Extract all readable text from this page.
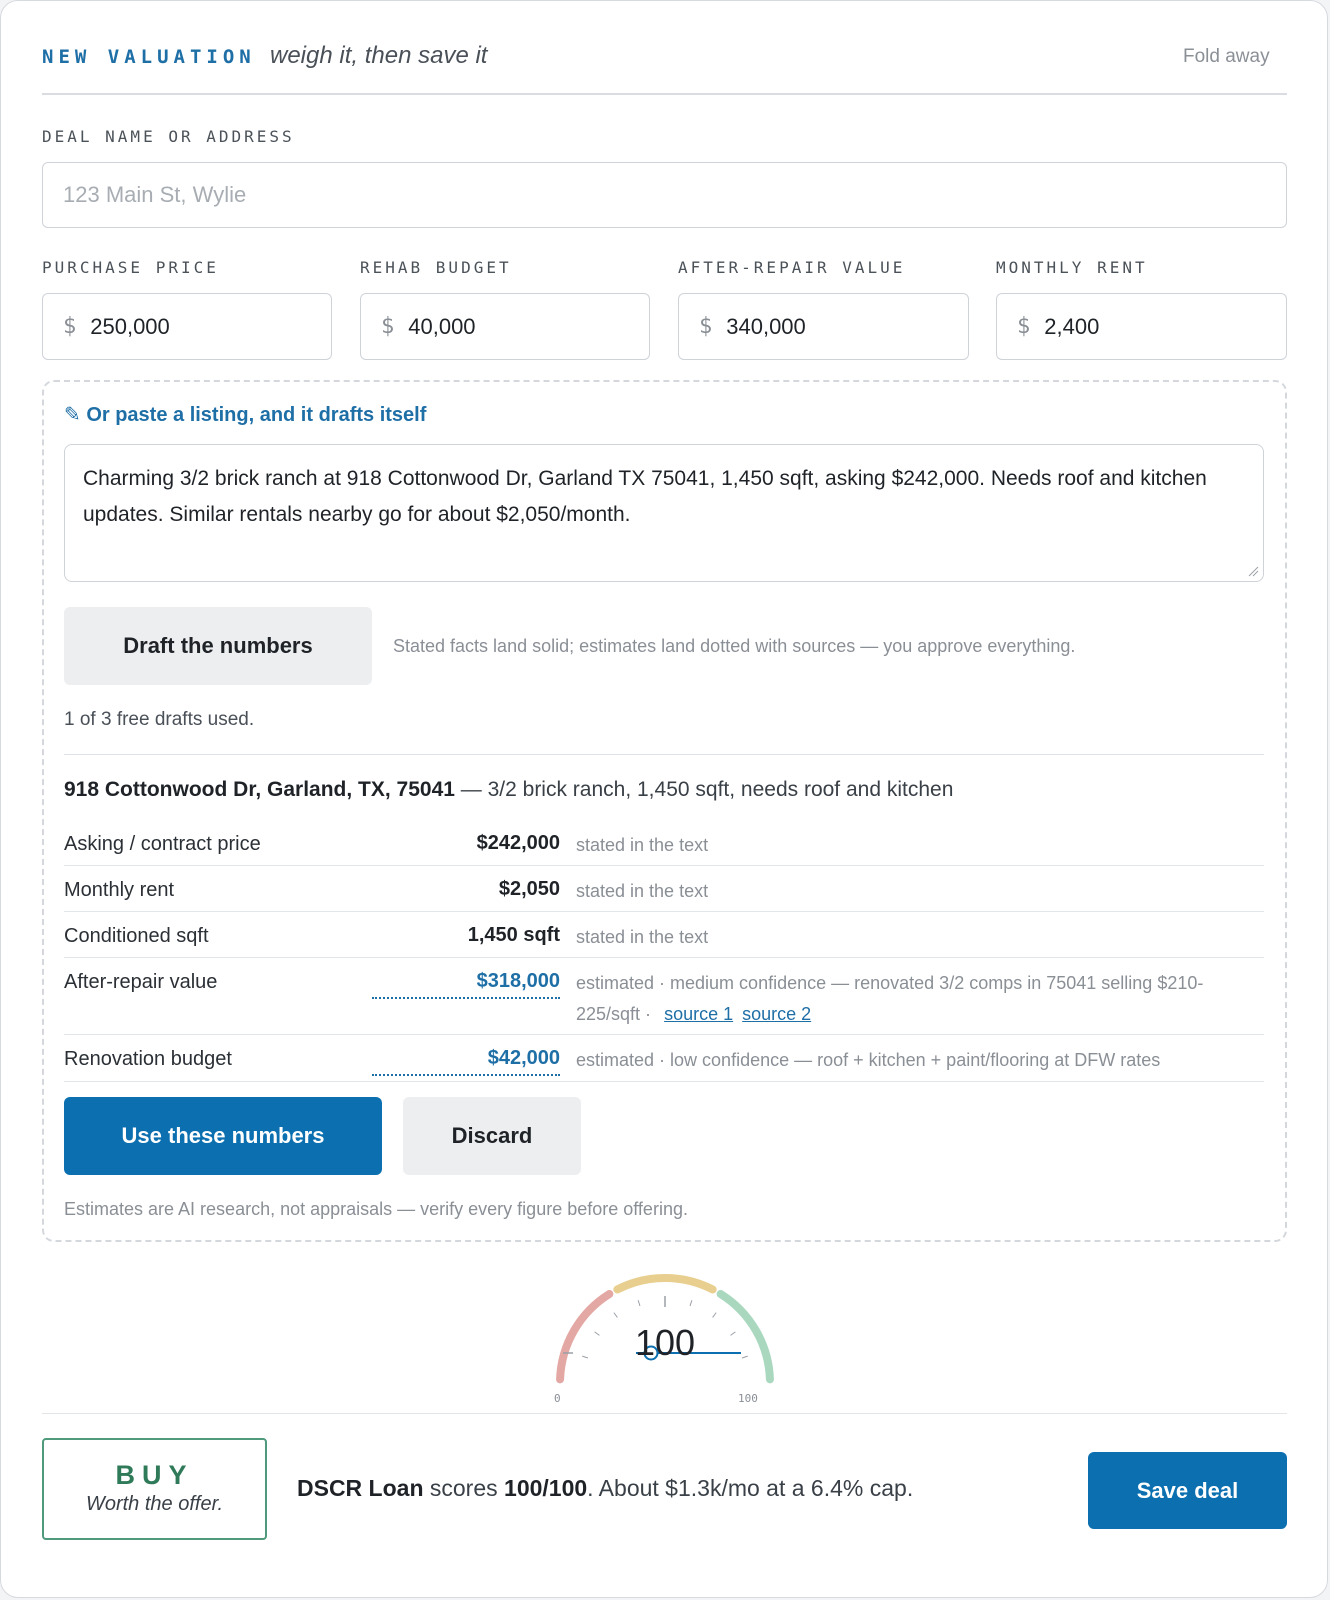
NEW VALUATION weigh it, then save it	Fold away
DEAL NAME OR ADDRESS
123 Main St, Wylie
PURCHASE PRICE
$
250,000
REHAB BUDGET
$
40,000
AFTER-REPAIR VALUE
$
340,000
MONTHLY RENT
$
2,400
✎ Or paste a listing, and it drafts itself
Charming 3/2 brick ranch at 918 Cottonwood Dr, Garland TX 75041, 1,450 sqft, asking $242,000. Needs roof and kitchen updates. Similar rentals nearby go for about $2,050/month.
Draft the numbers	Stated facts land solid; estimates land dotted with sources — you approve everything.
1 of 3 free drafts used.
918 Cottonwood Dr, Garland, TX, 75041 — 3/2 brick ranch, 1,450 sqft, needs roof and kitchen
Asking / contract price	$242,000 stated in the text
Monthly rent	$2,050 stated in the text
Conditioned sqft	1,450 sqft stated in the text
After-repair value	$318,000 estimated · medium confidence — renovated 3/2 comps in 75041 selling $210-
225/sqft · source 1 source 2
Renovation budget	$42,000 estimated · low confidence — roof + kitchen + paint/flooring at DFW rates
Use these numbers	Discard
Estimates are AI research, not appraisals — verify every figure before offering.
100
0	100
BUY
Worth the offer.
DSCR Loan scores 100/100. About $1.3k/mo at a 6.4% cap.	Save deal
